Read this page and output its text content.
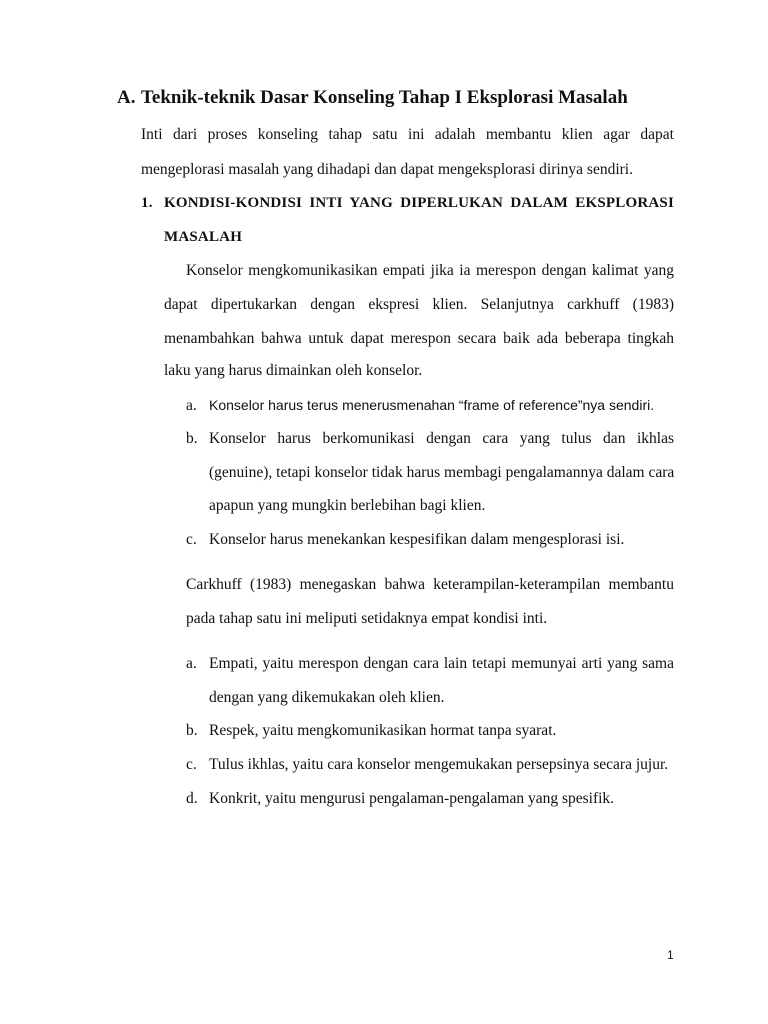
A. Teknik-teknik Dasar Konseling Tahap I Eksplorasi Masalah
Inti dari proses konseling tahap satu ini adalah membantu klien agar dapat
mengeplorasi masalah yang dihadapi dan dapat mengeksplorasi dirinya sendiri.
1. KONDISI-KONDISI INTI YANG DIPERLUKAN DALAM EKSPLORASI
MASALAH
Konselor mengkomunikasikan empati jika ia merespon dengan kalimat yang
dapat dipertukarkan dengan ekspresi klien. Selanjutnya carkhuff (1983)
menambahkan bahwa untuk dapat merespon secara baik ada beberapa tingkah
laku yang harus dimainkan oleh konselor.
a. Konselor harus terus menerusmenahan “frame of reference”nya sendiri.
b. Konselor harus berkomunikasi dengan cara yang tulus dan ikhlas
(genuine), tetapi konselor tidak harus membagi pengalamannya dalam cara
apapun yang mungkin berlebihan bagi klien.
c. Konselor harus menekankan kespesifikan dalam mengesplorasi isi.
Carkhuff (1983) menegaskan bahwa keterampilan-keterampilan membantu
pada tahap satu ini meliputi setidaknya empat kondisi inti.
a. Empati, yaitu merespon dengan cara lain tetapi memunyai arti yang sama
dengan yang dikemukakan oleh klien.
b. Respek, yaitu mengkomunikasikan hormat tanpa syarat.
c. Tulus ikhlas, yaitu cara konselor mengemukakan persepsinya secara jujur.
d. Konkrit, yaitu mengurusi pengalaman-pengalaman yang spesifik.
1
